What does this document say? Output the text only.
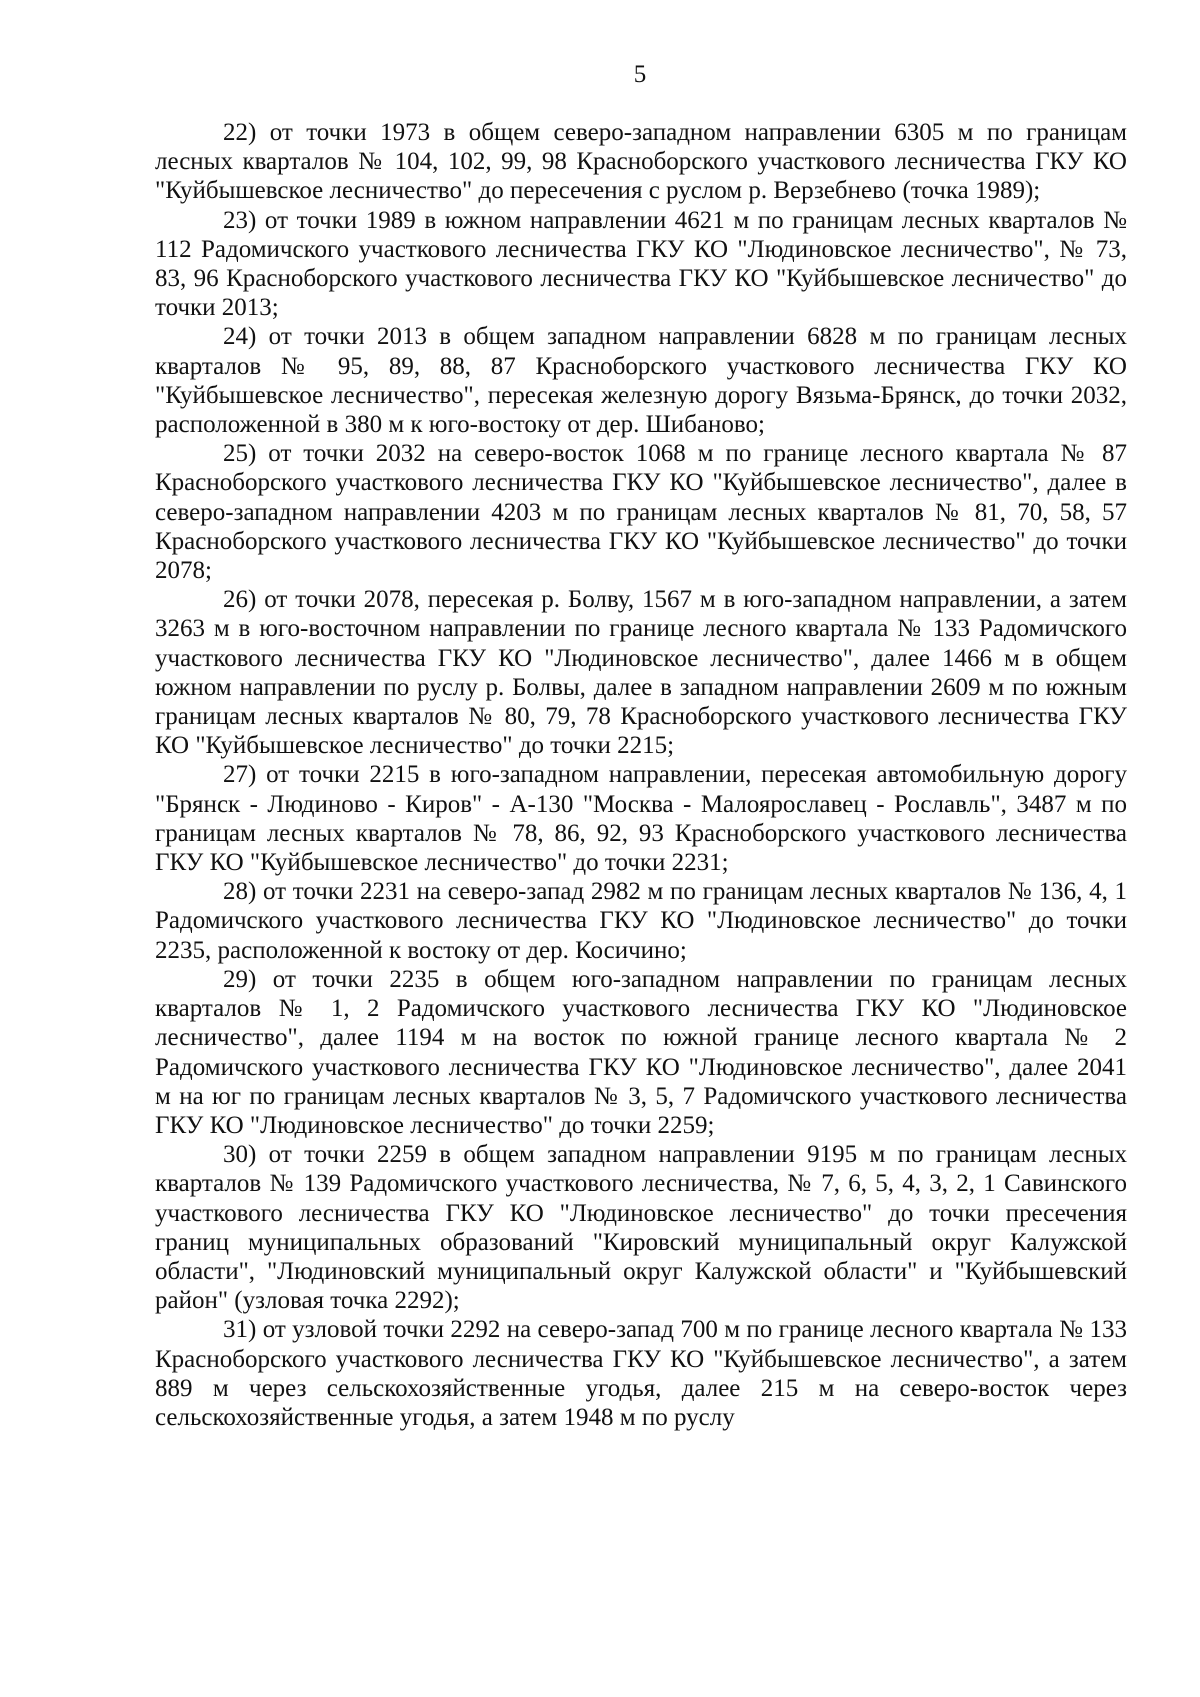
5

22) от точки 1973 в общем северо-западном направлении 6305 м по границам лесных кварталов № 104, 102, 99, 98 Красноборского участкового лесничества ГКУ КО "Куйбышевское лесничество" до пересечения с руслом р. Верзебнево (точка 1989);

23) от точки 1989 в южном направлении 4621 м по границам лесных кварталов № 112 Радомичского участкового лесничества ГКУ КО "Людиновское лесничество", № 73, 83, 96 Красноборского участкового лесничества ГКУ КО "Куйбышевское лесничество" до точки 2013;

24) от точки 2013 в общем западном направлении 6828 м по границам лесных кварталов № 95, 89, 88, 87 Красноборского участкового лесничества ГКУ КО "Куйбышевское лесничество", пересекая железную дорогу Вязьма-Брянск, до точки 2032, расположенной в 380 м к юго-востоку от дер. Шибаново;

25) от точки 2032 на северо-восток 1068 м по границе лесного квартала № 87 Красноборского участкового лесничества ГКУ КО "Куйбышевское лесничество", далее в северо-западном направлении 4203 м по границам лесных кварталов № 81, 70, 58, 57 Красноборского участкового лесничества ГКУ КО "Куйбышевское лесничество" до точки 2078;

26) от точки 2078, пересекая р. Болву, 1567 м в юго-западном направлении, а затем 3263 м в юго-восточном направлении по границе лесного квартала № 133 Радомичского участкового лесничества ГКУ КО "Людиновское лесничество", далее 1466 м в общем южном направлении по руслу р. Болвы, далее в западном направлении 2609 м по южным границам лесных кварталов № 80, 79, 78 Красноборского участкового лесничества ГКУ КО "Куйбышевское лесничество" до точки 2215;

27) от точки 2215 в юго-западном направлении, пересекая автомобильную дорогу "Брянск - Людиново - Киров" - А-130 "Москва - Малоярославец - Рославль", 3487 м по границам лесных кварталов № 78, 86, 92, 93 Красноборского участкового лесничества ГКУ КО "Куйбышевское лесничество" до точки 2231;

28) от точки 2231 на северо-запад 2982 м по границам лесных кварталов № 136, 4, 1 Радомичского участкового лесничества ГКУ КО "Людиновское лесничество" до точки 2235, расположенной к востоку от дер. Косичино;

29) от точки 2235 в общем юго-западном направлении по границам лесных кварталов № 1, 2 Радомичского участкового лесничества ГКУ КО "Людиновское лесничество", далее 1194 м на восток по южной границе лесного квартала № 2 Радомичского участкового лесничества ГКУ КО "Людиновское лесничество", далее 2041 м на юг по границам лесных кварталов № 3, 5, 7 Радомичского участкового лесничества ГКУ КО "Людиновское лесничество" до точки 2259;

30) от точки 2259 в общем западном направлении 9195 м по границам лесных кварталов № 139 Радомичского участкового лесничества, № 7, 6, 5, 4, 3, 2, 1 Савинского участкового лесничества ГКУ КО "Людиновское лесничество" до точки пресечения границ муниципальных образований "Кировский муниципальный округ Калужской области", "Людиновский муниципальный округ Калужской области" и "Куйбышевский район" (узловая точка 2292);

31) от узловой точки 2292 на северо-запад 700 м по границе лесного квартала № 133 Красноборского участкового лесничества ГКУ КО "Куйбышевское лесничество", а затем 889 м через сельскохозяйственные угодья, далее 215 м на северо-восток через сельскохозяйственные угодья, а затем 1948 м по руслу
